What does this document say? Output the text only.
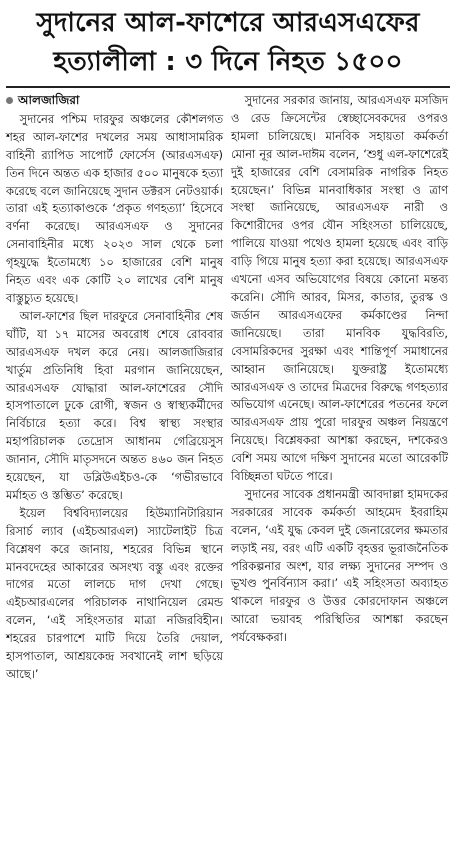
সুদানের আল-ফাশেরে আরএসএফের
হত্যালীলা : ৩ দিনে নিহত ১৫০০
আলজাজিরা

সুদানের পশ্চিম দারফুর অঞ্চলের কৌশলগত শহর আল-ফাশের দখলের সময় আধাসামরিক বাহিনী র‍্যাপিড সাপোর্ট ফোর্সেস (আরএসএফ) তিন দিনে অন্তত এক হাজার ৫০০ মানুষকে হত্যা করেছে বলে জানিয়েছে সুদান ডক্টরস নেটওয়ার্ক। তারা এই হত্যাকাণ্ডকে ‘প্রকৃত গণহত্যা’ হিসেবে বর্ণনা করেছে। আরএসএফ ও সুদানের সেনাবাহিনীর মধ্যে ২০২৩ সাল থেকে চলা গৃহযুদ্ধে ইতোমধ্যে ১০ হাজারের বেশি মানুষ নিহত এবং এক কোটি ২০ লাখের বেশি মানুষ বাস্তুচ্যুত হয়েছে।

আল-ফাশের ছিল দারফুরে সেনাবাহিনীর শেষ ঘাঁটি, যা ১৭ মাসের অবরোধ শেষে রোববার আরএসএফ দখল করে নেয়। আলজাজিরার খার্তুম প্রতিনিধি হিবা মরগান জানিয়েছেন, আরএসএফ যোদ্ধারা আল-ফাশেরের সৌদি হাসপাতালে ঢুকে রোগী, স্বজন ও স্বাস্থ্যকর্মীদের নির্বিচারে হত্যা করে। বিশ্ব স্বাস্থ্য সংস্থার মহাপরিচালক তেদ্রোস আধানম গেব্রিয়েসুস জানান, সৌদি মাতৃসদনে অন্তত ৪৬০ জন নিহত হয়েছেন, যা ডব্লিউএইচও-কে ‘গভীরভাবে মর্মাহত ও স্তম্ভিত’ করেছে।

ইয়েল বিশ্ববিদ্যালয়ের হিউম্যানিটারিয়ান রিসার্চ ল্যাব (এইচআরএল) স্যাটেলাইট চিত্র বিশ্লেষণ করে জানায়, শহরের বিভিন্ন স্থানে মানবদেহের আকারের অসংখ্য বস্তু এবং রক্তের দাগের মতো লালচে দাগ দেখা গেছে। এইচআরএলের পরিচালক নাথানিয়েল রেমন্ড বলেন, ‘এই সহিংসতার মাত্রা নজিরবিহীন। শহরের চারপাশে মাটি দিয়ে তৈরি দেয়াল, হাসপাতাল, আশ্রয়কেন্দ্র সবখানেই লাশ ছড়িয়ে আছে।’

সুদানের সরকার জানায়, আরএসএফ মসজিদ ও রেড ক্রিসেন্টের স্বেচ্ছাসেবকদের ওপরও হামলা চালিয়েছে। মানবিক সহায়তা কর্মকর্তা মোনা নূর আল-দাঈম বলেন, ‘শুধু এল-ফাশেরেই দুই হাজারের বেশি বেসামরিক নাগরিক নিহত হয়েছেন।’ বিভিন্ন মানবাধিকার সংস্থা ও ত্রাণ সংস্থা জানিয়েছে, আরএসএফ নারী ও কিশোরীদের ওপর যৌন সহিংসতা চালিয়েছে, পালিয়ে যাওয়া পথেও হামলা হয়েছে এবং বাড়ি বাড়ি গিয়ে মানুষ হত্যা করা হয়েছে। আরএসএফ এখনো এসব অভিযোগের বিষয়ে কোনো মন্তব্য করেনি। সৌদি আরব, মিসর, কাতার, তুরস্ক ও জর্ডান আরএসএফের কর্মকাণ্ডের নিন্দা জানিয়েছে। তারা মানবিক যুদ্ধবিরতি, বেসামরিকদের সুরক্ষা এবং শান্তিপূর্ণ সমাধানের আহ্বান জানিয়েছে। যুক্তরাষ্ট্র ইতোমধ্যে আরএসএফ ও তাদের মিত্রদের বিরুদ্ধে গণহত্যার অভিযোগ এনেছে। আল-ফাশেরের পতনের ফলে আরএসএফ প্রায় পুরো দারফুর অঞ্চল নিয়ন্ত্রণে নিয়েছে। বিশ্লেষকরা আশঙ্কা করছেন, দশকেরও বেশি সময় আগে দক্ষিণ সুদানের মতো আরেকটি বিচ্ছিন্নতা ঘটতে পারে।

সুদানের সাবেক প্রধানমন্ত্রী আবদাল্লা হামদকের সরকারের সাবেক কর্মকর্তা আহমেদ ইবরাহিম বলেন, ‘এই যুদ্ধ কেবল দুই জেনারেলের ক্ষমতার লড়াই নয়, বরং এটি একটি বৃহত্তর ভূরাজনৈতিক পরিকল্পনার অংশ, যার লক্ষ্য সুদানের সম্পদ ও ভূখণ্ড পুনর্বিন্যাস করা।’ এই সহিংসতা অব্যাহত থাকলে দারফুর ও উত্তর কোরদোফান অঞ্চলে আরো ভয়াবহ পরিস্থিতির আশঙ্কা করছেন পর্যবেক্ষকরা।
